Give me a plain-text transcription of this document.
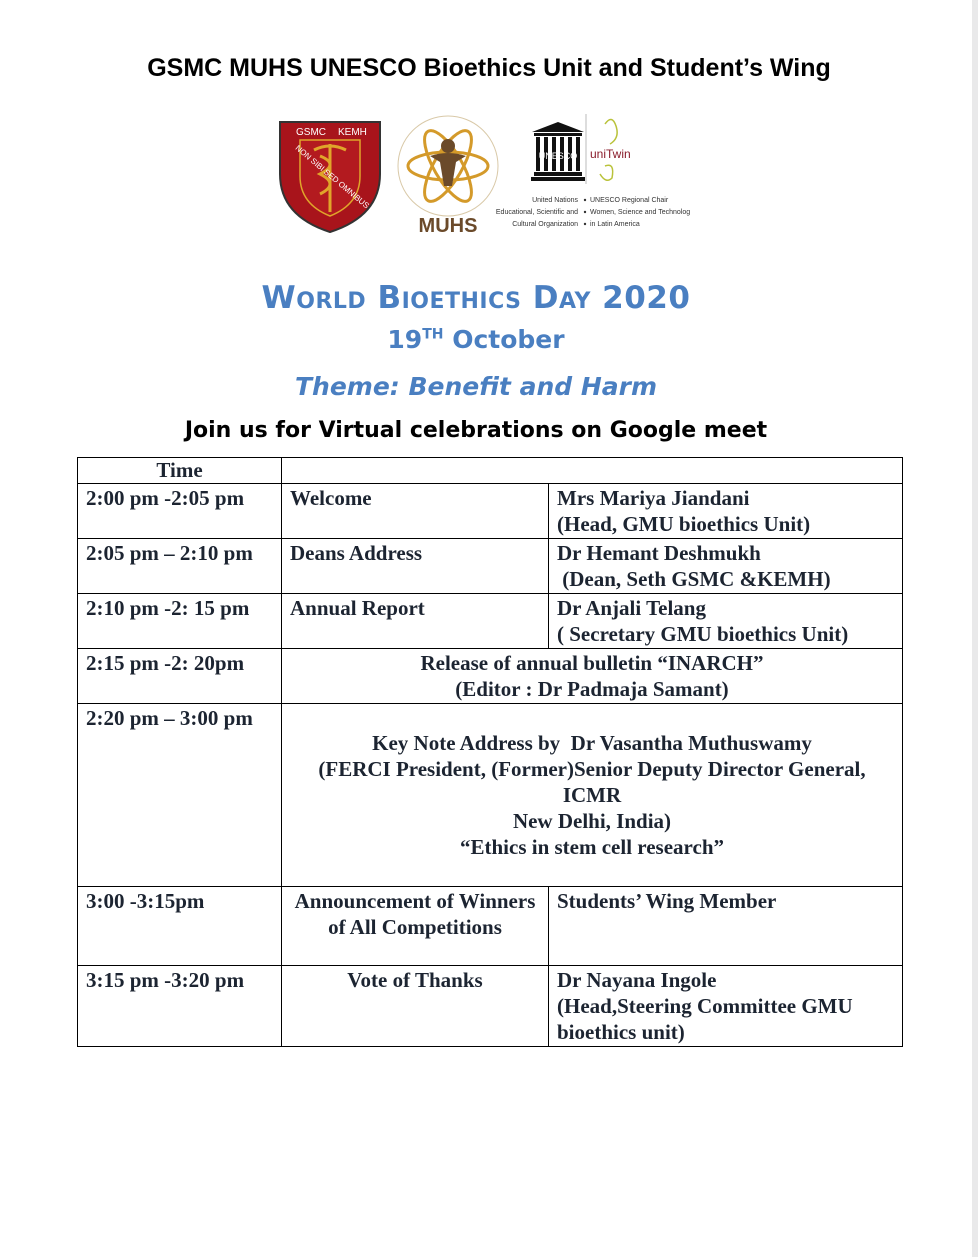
GSMC MUHS UNESCO Bioethics Unit and Student’s Wing
GSMC KEMH
NON SIBI SED OMNIBUS
MUHS
UNESCO
United Nations
Educational, Scientific and
Cultural Organization
uniTwin
UNESCO Regional Chair
Women, Science and Technology
in Latin America
World Bioethics Day 2020
19TH October
Theme: Benefit and Harm
Join us for Virtual celebrations on Google meet
Time		
2:00 pm -2:05 pm	Welcome	Mrs Mariya Jiandani
(Head, GMU bioethics Unit)

2:05 pm – 2:10 pm	Deans Address	Dr Hemant Deshmukh
(Dean, Seth GSMC &KEMH)

2:10 pm -2: 15 pm	Annual Report	Dr Anjali Telang
( Secretary GMU bioethics Unit)

2:15 pm -2: 20pm	Release of annual bulletin “INARCH”
(Editor : Dr Padmaja Samant)	

2:20 pm – 3:00 pm	Key Note Address by  Dr Vasantha Muthuswamy
(FERCI President, (Former)Senior Deputy Director General, ICMR
New Delhi, India)
“Ethics in stem cell research”	

3:00 -3:15pm	Announcement of Winners of All Competitions	Students’ Wing Member
3:15 pm -3:20 pm	Vote of Thanks	Dr Nayana Ingole
(Head,Steering Committee GMU bioethics unit)
